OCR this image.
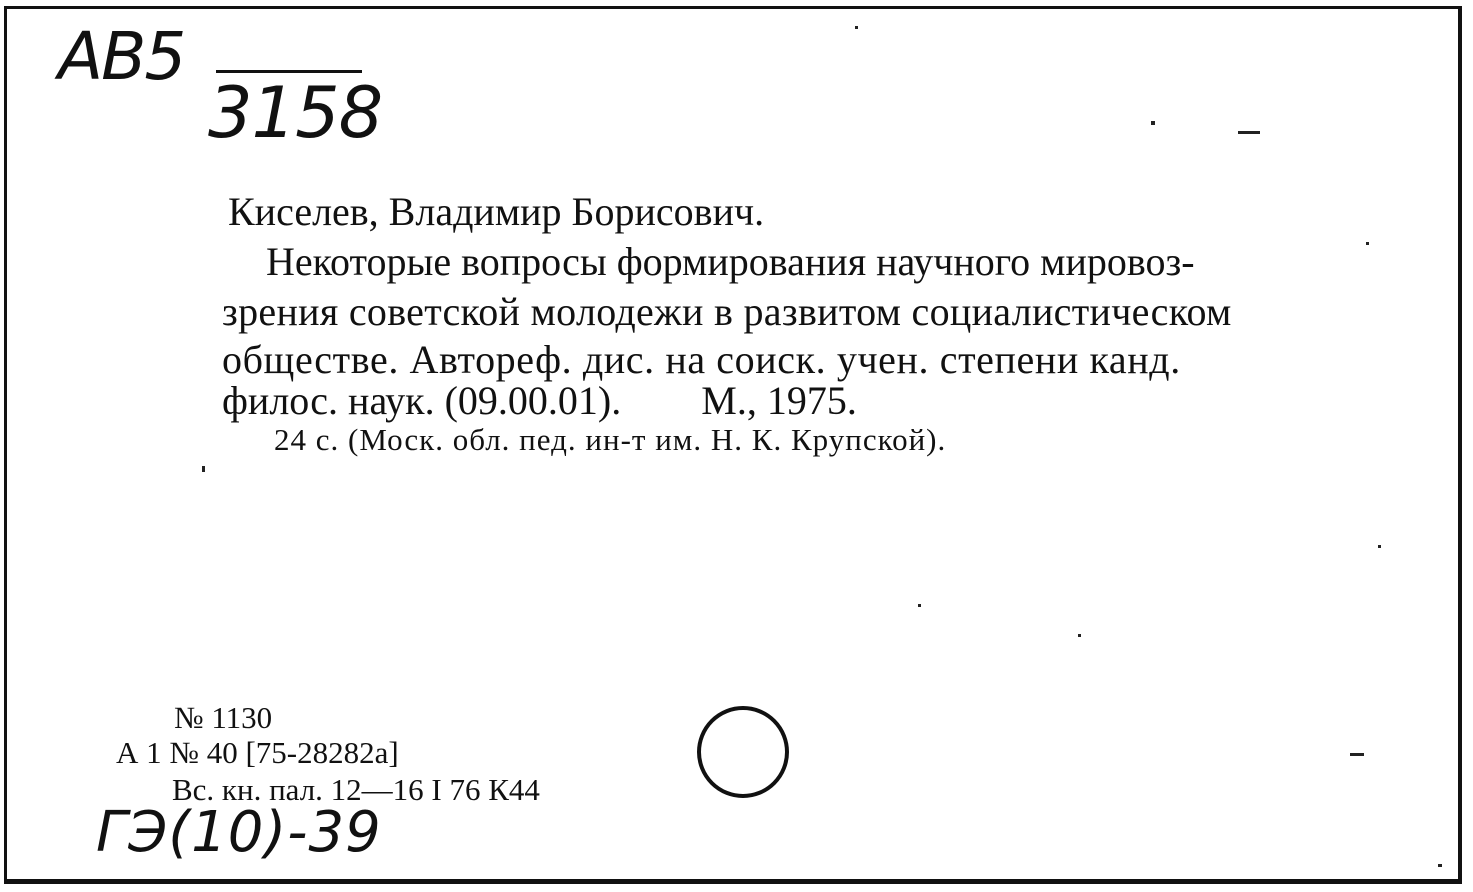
АВ5
3158
Киселев, Владимир Борисович.
Некоторые вопросы формирования научного мировоз-
зрения советской молодежи в развитом социалистическом
обществе. Автореф. дис. на соиск. учен. степени канд.
филос. наук. (09.00.01). М., 1975.
24 с. (Моск. обл. пед. ин-т им. Н. К. Крупской).
№ 1130
А 1 № 40 [75-28282а]
Вс. кн. пал. 12—16 I 76 К44
ГЭ(10)-39
